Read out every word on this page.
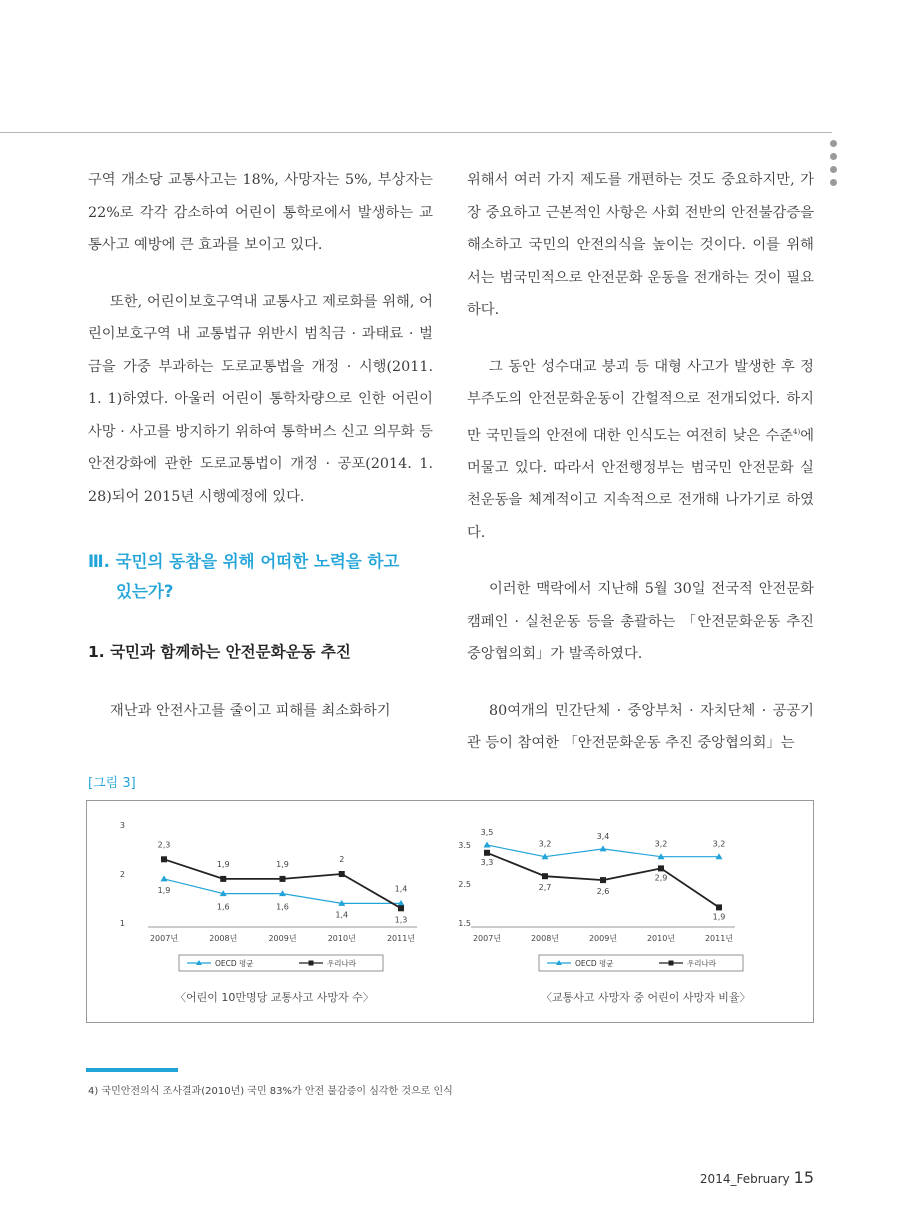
구역 개소당 교통사고는 18%, 사망자는 5%, 부상자는 22%로 각각 감소하여 어린이 통학로에서 발생하는 교통사고 예방에 큰 효과를 보이고 있다.

또한, 어린이보호구역내 교통사고 제로화를 위해, 어린이보호구역 내 교통법규 위반시 범칙금 · 과태료 · 벌금을 가중 부과하는 도로교통법을 개정 · 시행(2011. 1. 1)하였다. 아울러 어린이 통학차량으로 인한 어린이 사망 · 사고를 방지하기 위하여 통학버스 신고 의무화 등 안전강화에 관한 도로교통법이 개정 · 공포(2014. 1. 28)되어 2015년 시행예정에 있다.

Ⅲ. 국민의 동참을 위해 어떠한 노력을 하고
있는가?
1. 국민과 함께하는 안전문화운동 추진
재난과 안전사고를 줄이고 피해를 최소화하기

위해서 여러 가지 제도를 개편하는 것도 중요하지만, 가장 중요하고 근본적인 사항은 사회 전반의 안전불감증을 해소하고 국민의 안전의식을 높이는 것이다. 이를 위해서는 범국민적으로 안전문화 운동을 전개하는 것이 필요하다.

그 동안 성수대교 붕괴 등 대형 사고가 발생한 후 정부주도의 안전문화운동이 간헐적으로 전개되었다. 하지만 국민들의 안전에 대한 인식도는 여전히 낮은 수준$^{4)}$에 머물고 있다. 따라서 안전행정부는 범국민 안전문화 실천운동을 체계적이고 지속적으로 전개해 나가기로 하였다.

이러한 맥락에서 지난해 5월 30일 전국적 안전문화 캠페인 · 실천운동 등을 총괄하는 「안전문화운동 추진 중앙협의회」가 발족하였다.

80여개의 민간단체 · 중앙부처 · 자치단체 · 공공기관 등이 참여한 「안전문화운동 추진 중앙협의회」는

[그림 3]
1
2
3
2007년	2008년	2009년	2010년	2011년
1,9
1,6	1,6
1,4
1,4
2,3
1,9	1,9
2
1,3
OECD 평균	우리나라
1.5
2.5
3.5
2007년	2008년	2009년	2010년	2011년
3,5
3,2
3,4
3,2	3,2
3,3
2,7	2,6
2,9
1,9
OECD 평균	우리나라
〈어린이 10만명당 교통사고 사망자 수〉	〈교통사고 사망자 중 어린이 사망자 비율〉
4) 국민안전의식 조사결과(2010년) 국민 83%가 안전 불감증이 심각한 것으로 인식
2014_February 15
